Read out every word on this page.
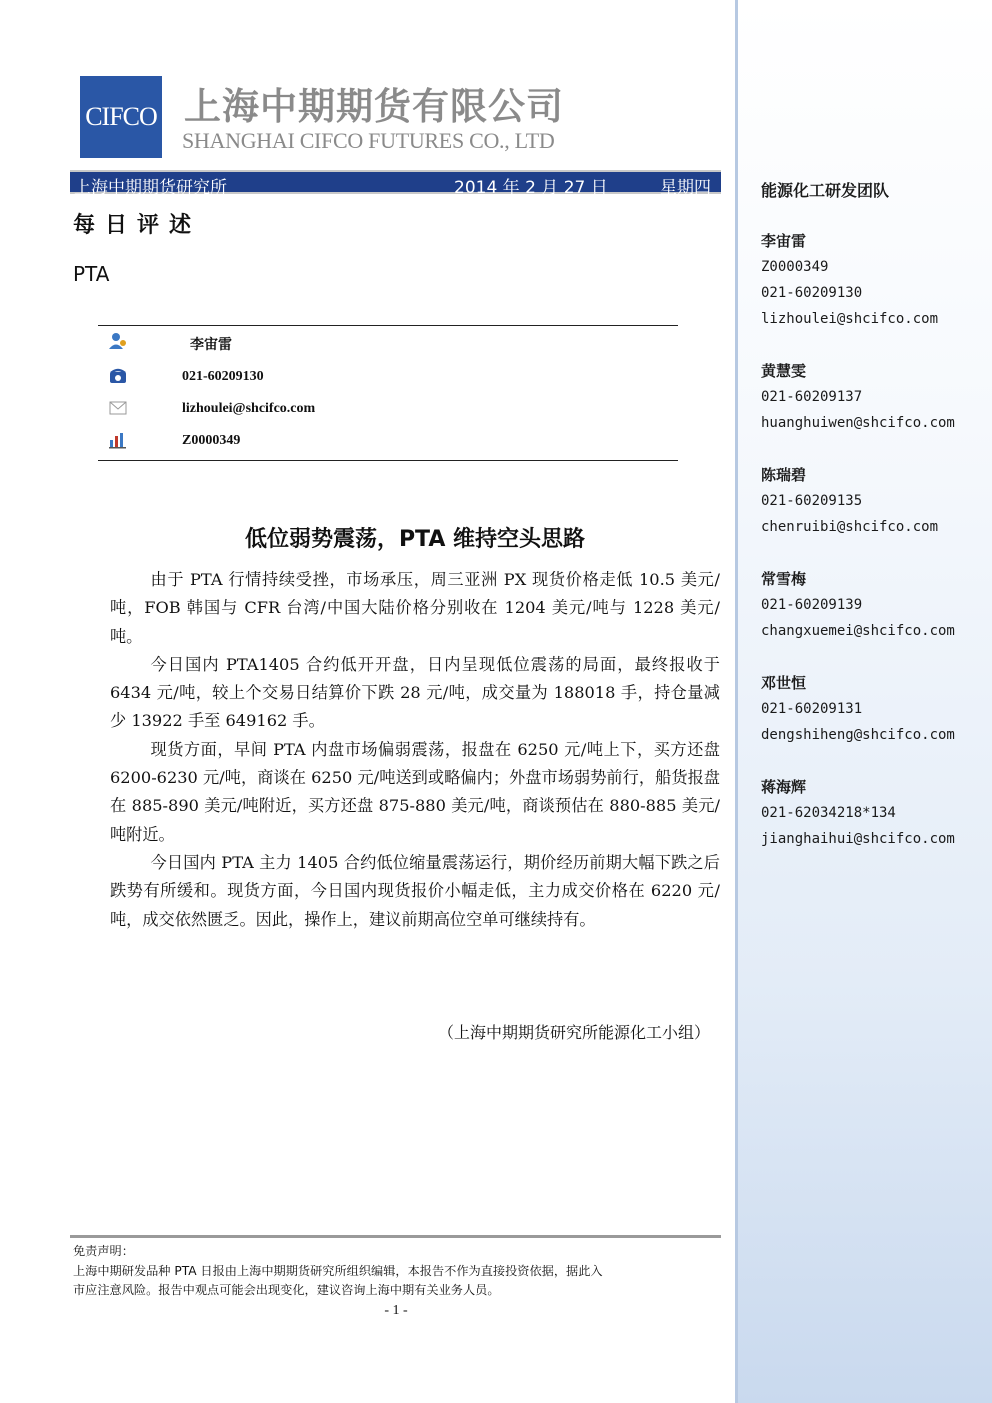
CIFCO 上海中期期货有限公司
SHANGHAI CIFCO FUTURES CO., LTD
上海中期期货研究所	2014 年 2 月 27 日	星期四
每日评述
PTA
李宙雷
021-60209130
lizhoulei@shcifco.com
Z0000349
低位弱势震荡，PTA 维持空头思路

由于 PTA 行情持续受挫，市场承压，周三亚洲 PX 现货价格走低 10.5 美元/吨，FOB 韩国与 CFR 台湾/中国大陆价格分别收在 1204 美元/吨与 1228 美元/吨。

今日国内 PTA1405 合约低开开盘，日内呈现低位震荡的局面，最终报收于 6434 元/吨，较上个交易日结算价下跌 28 元/吨，成交量为 188018 手，持仓量减少 13922 手至 649162 手。

现货方面，早间 PTA 内盘市场偏弱震荡，报盘在 6250 元/吨上下，买方还盘 6200-6230 元/吨，商谈在 6250 元/吨送到或略偏内；外盘市场弱势前行，船货报盘在 885-890 美元/吨附近，买方还盘 875-880 美元/吨，商谈预估在 880-885 美元/吨附近。

今日国内 PTA 主力 1405 合约低位缩量震荡运行，期价经历前期大幅下跌之后跌势有所缓和。现货方面，今日国内现货报价小幅走低，主力成交价格在 6220 元/吨，成交依然匮乏。因此，操作上，建议前期高位空单可继续持有。

（上海中期期货研究所能源化工小组）
免责声明：
上海中期研发品种 PTA 日报由上海中期期货研究所组织编辑，本报告不作为直接投资依据，据此入
市应注意风险。报告中观点可能会出现变化，建议咨询上海中期有关业务人员。
- 1 -
能源化工研发团队
李宙雷
Z0000349
021-60209130
lizhoulei@shcifco.com
黄慧雯
021-60209137
huanghuiwen@shcifco.com
陈瑞碧
021-60209135
chenruibi@shcifco.com
常雪梅
021-60209139
changxuemei@shcifco.com
邓世恒
021-60209131
dengshiheng@shcifco.com
蒋海辉
021-62034218*134
jianghaihui@shcifco.com
